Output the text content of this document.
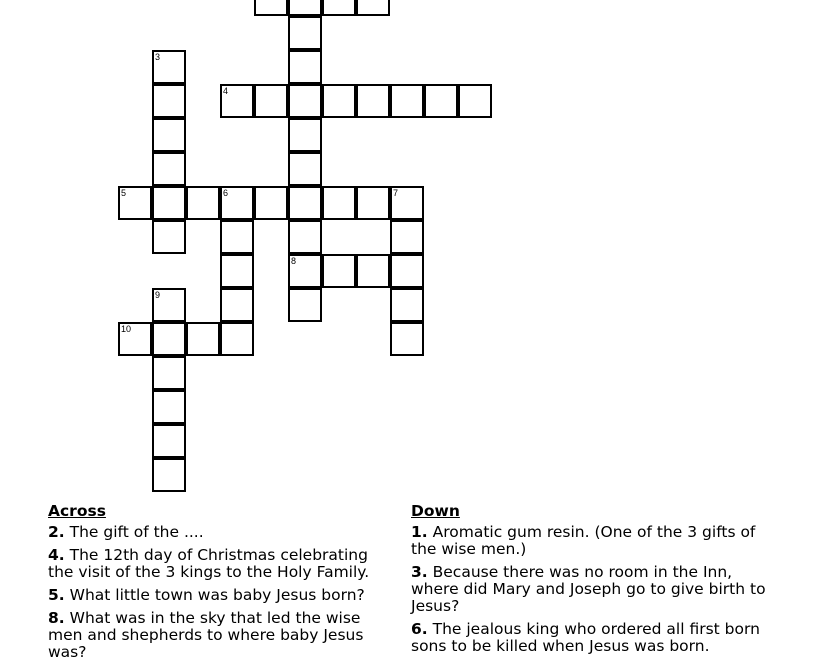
3
4
5	6	7
8
9
10
Across
2. The gift of the ....
4. The 12th day of Christmas celebrating the visit of the 3 kings to the Holy Family.
5. What little town was baby Jesus born?
8. What was in the sky that led the wise men and shepherds to where baby Jesus was?
Down
1. Aromatic gum resin. (One of the 3 gifts of the wise men.)
3. Because there was no room in the Inn, where did Mary and Joseph go to give birth to Jesus?
6. The jealous king who ordered all first born sons to be killed when Jesus was born.
